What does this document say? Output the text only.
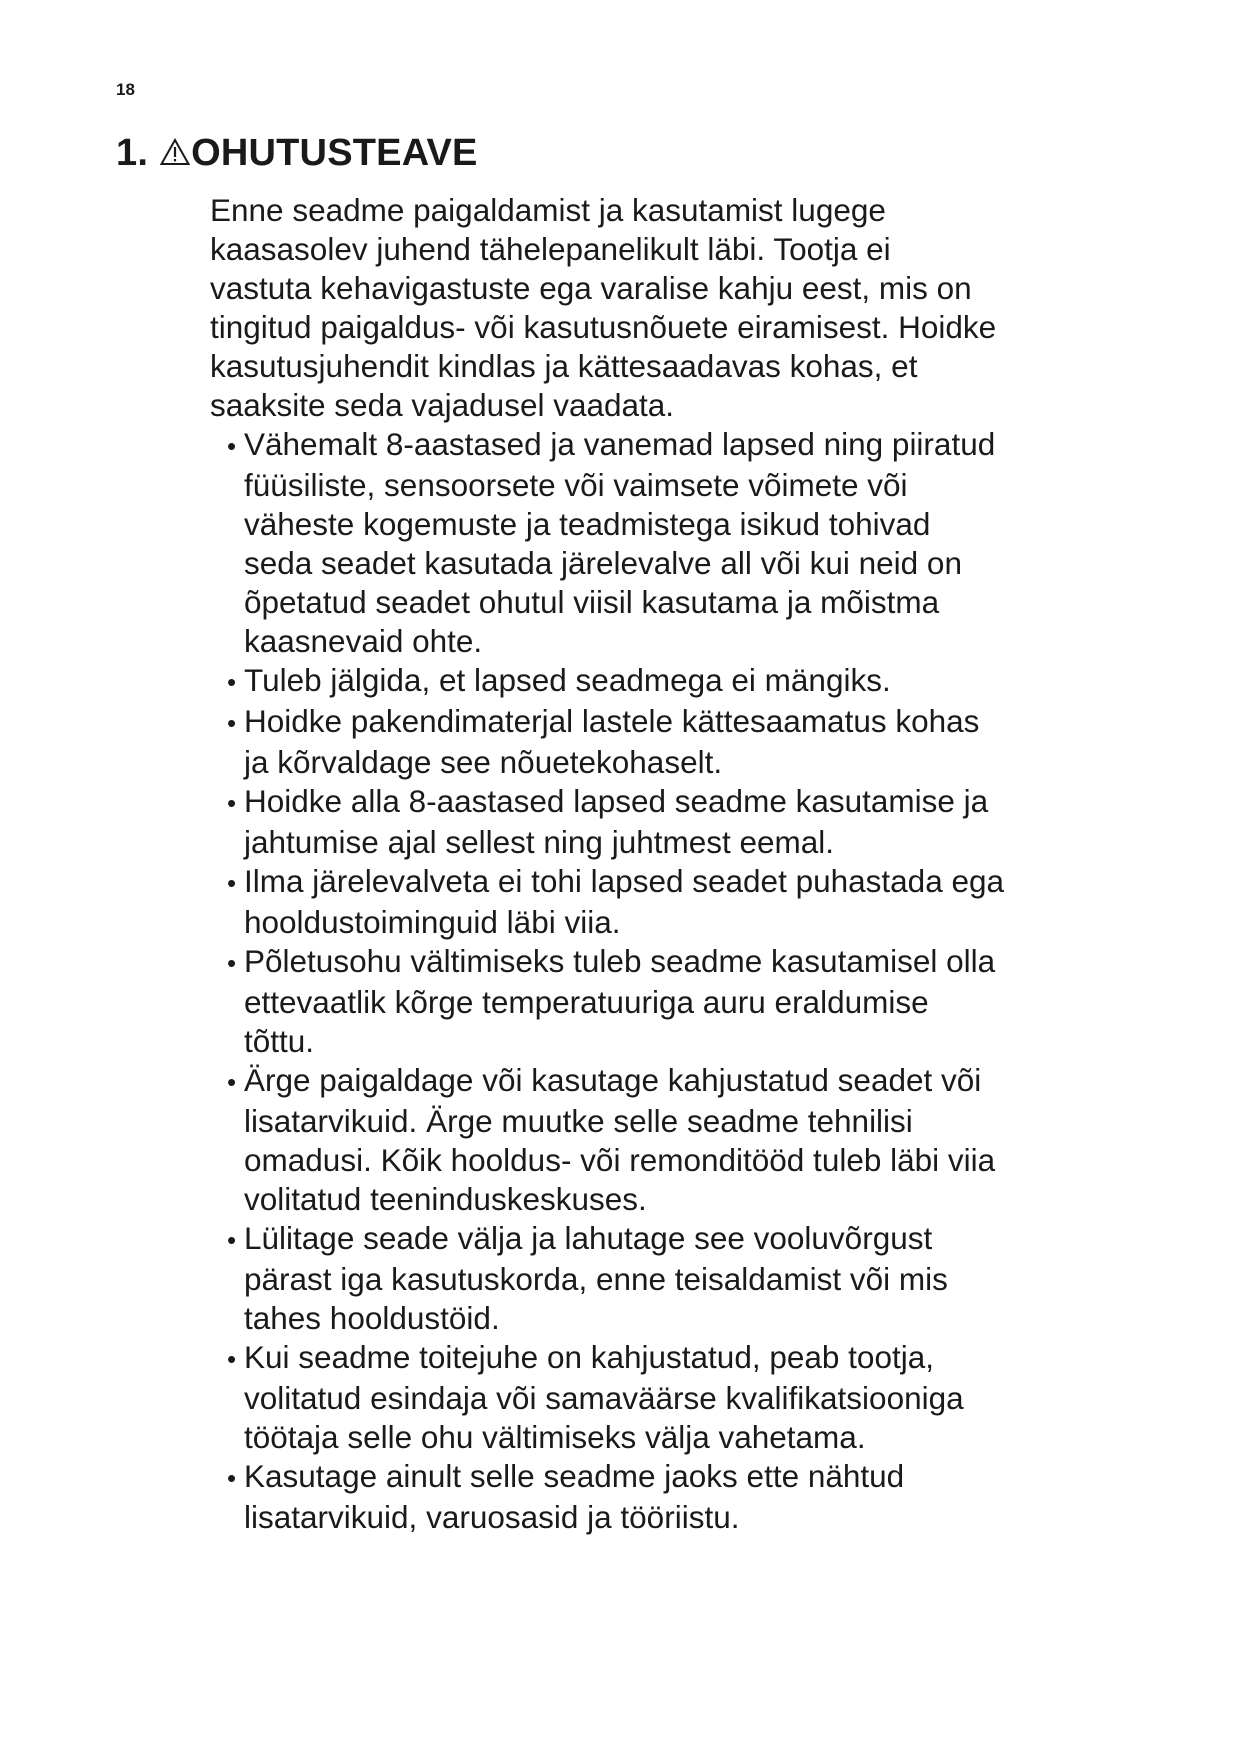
18
1. OHUTUSTEAVE

Enne seadme paigaldamist ja kasutamist lugege
kaasasolev juhend tähelepanelikult läbi. Tootja ei
vastuta kehavigastuste ega varalise kahju eest, mis on
tingitud paigaldus- või kasutusnõuete eiramisest. Hoidke
kasutusjuhendit kindlas ja kättesaadavas kohas, et
saaksite seda vajadusel vaadata.

• Vähemalt 8-aastased ja vanemad lapsed ning piiratud
füüsiliste, sensoorsete või vaimsete võimete või
väheste kogemuste ja teadmistega isikud tohivad
seda seadet kasutada järelevalve all või kui neid on
õpetatud seadet ohutul viisil kasutama ja mõistma
kaasnevaid ohte.
• Tuleb jälgida, et lapsed seadmega ei mängiks.
• Hoidke pakendimaterjal lastele kättesaamatus kohas
ja kõrvaldage see nõuetekohaselt.
• Hoidke alla 8-aastased lapsed seadme kasutamise ja
jahtumise ajal sellest ning juhtmest eemal.
• Ilma järelevalveta ei tohi lapsed seadet puhastada ega
hooldustoiminguid läbi viia.
• Põletusohu vältimiseks tuleb seadme kasutamisel olla
ettevaatlik kõrge temperatuuriga auru eraldumise
tõttu.
• Ärge paigaldage või kasutage kahjustatud seadet või
lisatarvikuid. Ärge muutke selle seadme tehnilisi
omadusi. Kõik hooldus- või remonditööd tuleb läbi viia
volitatud teeninduskeskuses.
• Lülitage seade välja ja lahutage see vooluvõrgust
pärast iga kasutuskorda, enne teisaldamist või mis
tahes hooldustöid.
• Kui seadme toitejuhe on kahjustatud, peab tootja,
volitatud esindaja või samaväärse kvalifikatsiooniga
töötaja selle ohu vältimiseks välja vahetama.
• Kasutage ainult selle seadme jaoks ette nähtud
lisatarvikuid, varuosasid ja tööriistu.
